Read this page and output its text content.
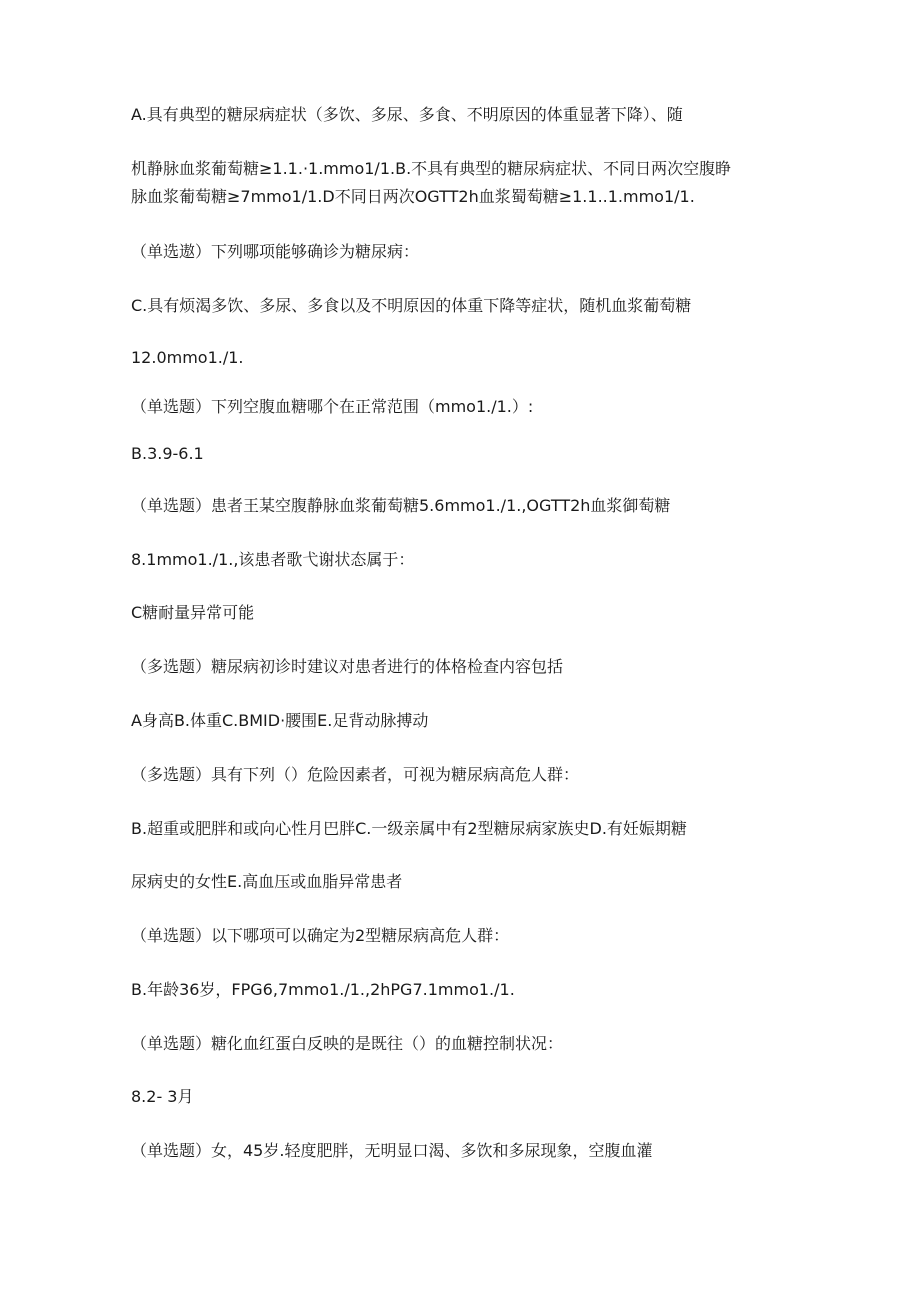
A.具有典型的糖尿病症状（多饮、多尿、多食、不明原因的体重显著下降）、随
机静脉血浆葡萄糖≥1.1.·1.mmo1∕1.B.不具有典型的糖尿病症状、不同日两次空腹睁
脉血浆葡萄糖≥7mmo1∕1.D不同日两次OGTT2h血浆蜀萄糖≥1.1..1.mmo1∕1.
（单选遨）下列哪项能够确诊为糖尿病：
C.具有烦渴多饮、多尿、多食以及不明原因的体重下降等症状，随机血浆葡萄糖
12.0mmo1./1.
（单选题）下列空腹血糖哪个在正常范围（mmo1./1.）:
B.3.9-6.1
（单选题）患者王某空腹静脉血浆葡萄糖5.6mmo1./1.,OGTT2h血浆御萄糖
8.1mmo1./1.,该患者歌弋谢状态属于：
C糖耐量异常可能
（多选题）糖尿病初诊时建议对患者进行的体格检查内容包括
A身高B.体重C.BMID·腰围E.足背动脉搏动
（多选题）具有下列（）危险因素者，可视为糖尿病高危人群：
B.超重或肥胖和或向心性月巴胖C.一级亲属中有2型糖尿病家族史D.有妊娠期糖
尿病史的女性E.高血压或血脂异常患者
（单选题）以下哪项可以确定为2型糖尿病高危人群：
B.年龄36岁，FPG6,7mmo1./1.,2hPG7.1mmo1./1.
（单选题）糖化血红蛋白反映的是既往（）的血糖控制状况：
8.2- 3月
（单选题）女，45岁.轻度肥胖，无明显口渴、多饮和多尿现象，空腹血灌
